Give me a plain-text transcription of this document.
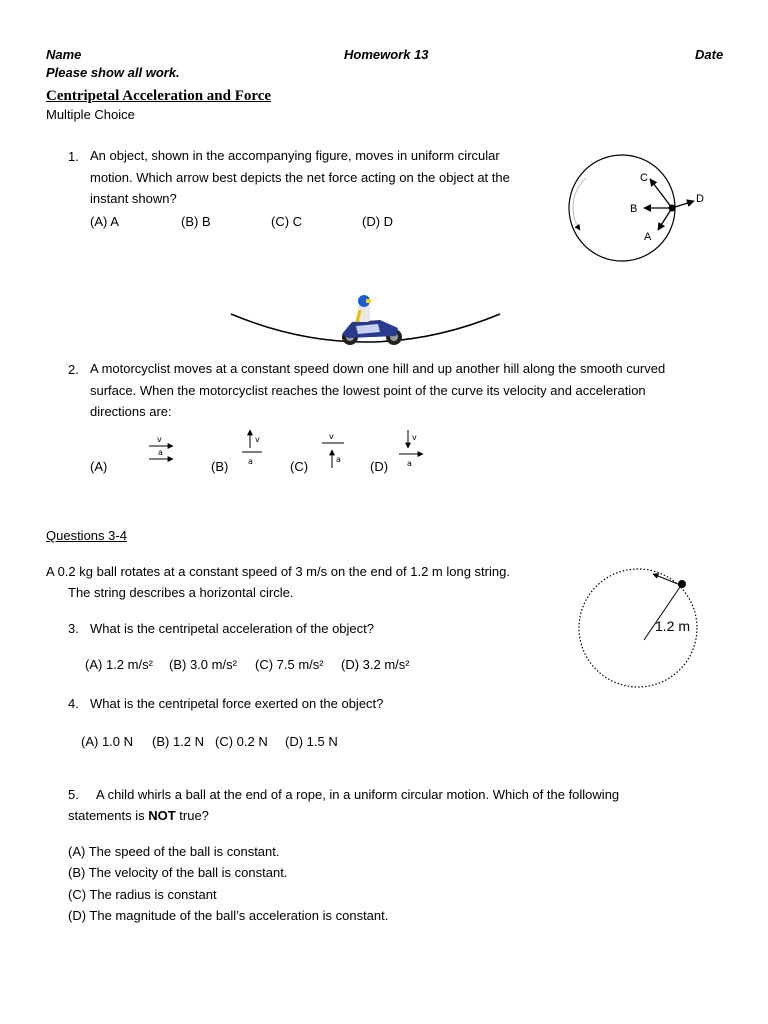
Name	Homework 13	Date
Please show all work.
Centripetal Acceleration and Force
Multiple Choice
1. An object, shown in the accompanying figure, moves in uniform circular
motion. Which arrow best depicts the net force acting on the object at the
instant shown?
(A) A	(B) B	(C) C	(D) D
B
D
C
A
2. A motorcyclist moves at a constant speed down one hill and up another hill along the smooth curved
surface. When the motorcyclist reaches the lowest point of the curve its velocity and acceleration
directions are:
(A)	(B)	(C)	(D)
v
a
v
a
v
a
v
a
Questions 3-4
A 0.2 kg ball rotates at a constant speed of 3 m/s on the end of 1.2 m long string.
The string describes a horizontal circle.
3. What is the centripetal acceleration of the object?
(A) 1.2 m/s² (B) 3.0 m/s² (C) 7.5 m/s² (D) 3.2 m/s²
4. What is the centripetal force exerted on the object?
(A) 1.0 N (B) 1.2 N (C) 0.2 N (D) 1.5 N
1.2 m
5. A child whirls a ball at the end of a rope, in a uniform circular motion. Which of the following
statements is NOT true?
(A) The speed of the ball is constant.
(B) The velocity of the ball is constant.
(C) The radius is constant
(D) The magnitude of the ball’s acceleration is constant.
